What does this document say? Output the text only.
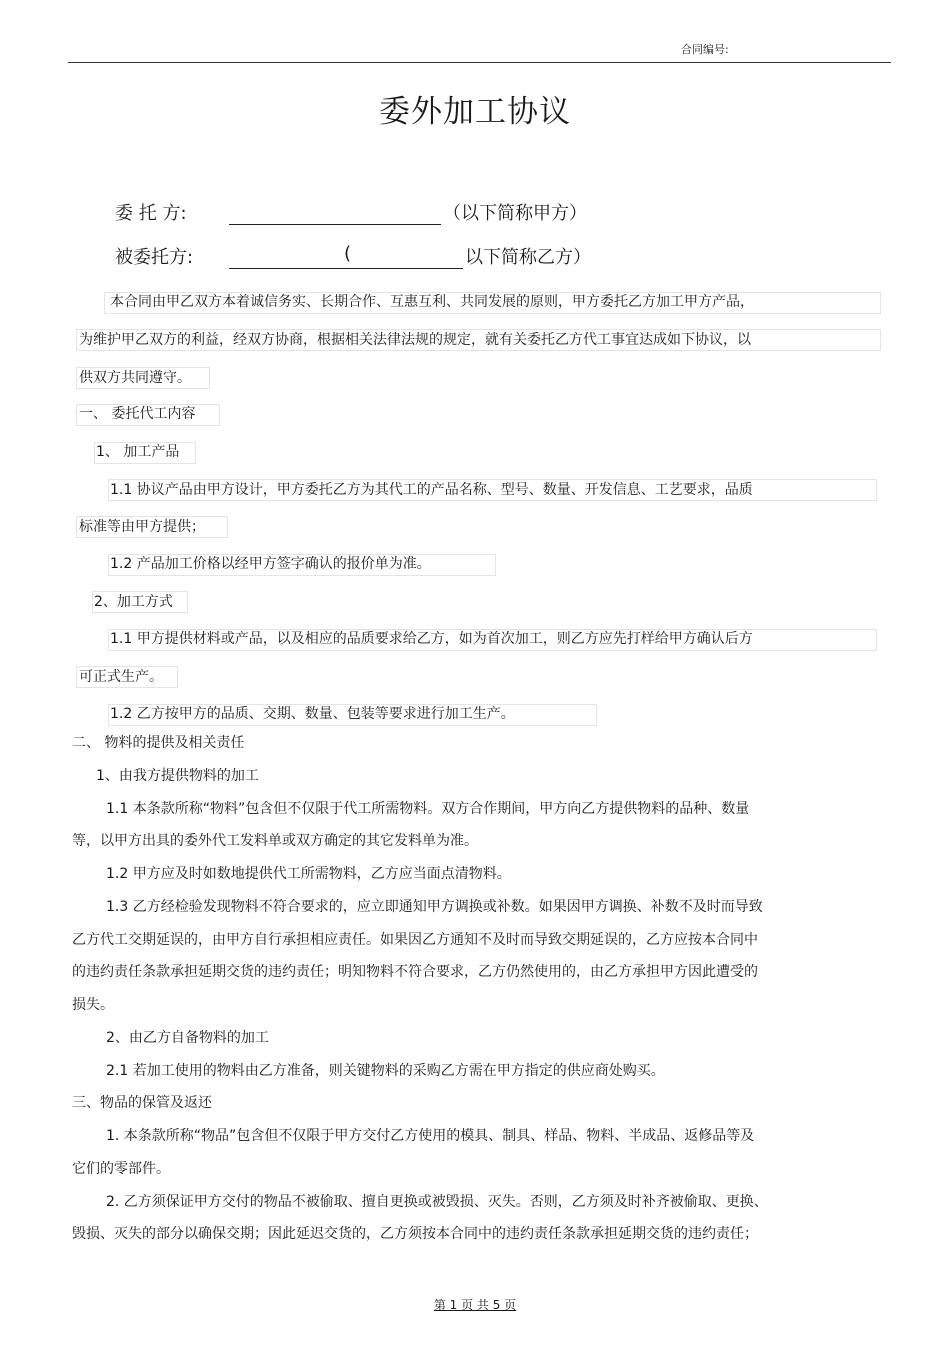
合同编号:
委外加工协议
委 托 方:	（以下简称甲方）
被委托方:	(	以下简称乙方）
本合同由甲乙双方本着诚信务实、长期合作、互惠互利、共同发展的原则，甲方委托乙方加工甲方产品，
为维护甲乙双方的利益，经双方协商，根据相关法律法规的规定，就有关委托乙方代工事宜达成如下协议，以
供双方共同遵守。
一、 委托代工内容
1、 加工产品
1.1 协议产品由甲方设计，甲方委托乙方为其代工的产品名称、型号、数量、开发信息、工艺要求，品质
标准等由甲方提供；
1.2 产品加工价格以经甲方签字确认的报价单为准。
2、加工方式
1.1 甲方提供材料或产品，以及相应的品质要求给乙方，如为首次加工，则乙方应先打样给甲方确认后方
可正式生产。
1.2 乙方按甲方的品质、交期、数量、包装等要求进行加工生产。
二、 物料的提供及相关责任
1、由我方提供物料的加工
1.1 本条款所称“物料”包含但不仅限于代工所需物料。双方合作期间，甲方向乙方提供物料的品种、数量
等，以甲方出具的委外代工发料单或双方确定的其它发料单为准。
1.2 甲方应及时如数地提供代工所需物料，乙方应当面点清物料。
1.3 乙方经检验发现物料不符合要求的，应立即通知甲方调换或补数。如果因甲方调换、补数不及时而导致
乙方代工交期延误的，由甲方自行承担相应责任。如果因乙方通知不及时而导致交期延误的，乙方应按本合同中
的违约责任条款承担延期交货的违约责任；明知物料不符合要求，乙方仍然使用的，由乙方承担甲方因此遭受的
损失。
2、由乙方自备物料的加工
2.1 若加工使用的物料由乙方准备，则关键物料的采购乙方需在甲方指定的供应商处购买。
三、物品的保管及返还
1. 本条款所称“物品”包含但不仅限于甲方交付乙方使用的模具、制具、样品、物料、半成品、返修品等及
它们的零部件。
2. 乙方须保证甲方交付的物品不被偷取、擅自更换或被毁损、灭失。否则，乙方须及时补齐被偷取、更换、
毁损、灭失的部分以确保交期；因此延迟交货的，乙方须按本合同中的违约责任条款承担延期交货的违约责任；
第 1 页 共 5 页
